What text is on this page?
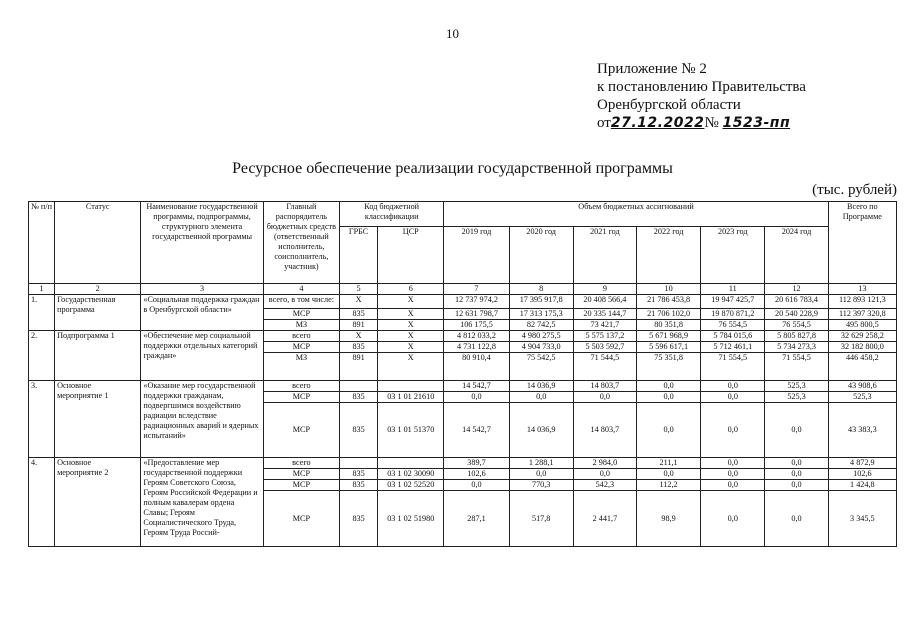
10
Приложение № 2
к постановлению Правительства
Оренбургской области
от27.12.2022№ 1523-пп
Ресурсное обеспечение реализации государственной программы
(тыс. рублей)
№ п/п	Статус	Наименование государственной программы, подпрограммы, структурного элемента государственной программы	Главный распорядитель бюджетных средств (ответственный исполнитель, соисполнитель, участник)	Код бюджетной классификации		Объем бюджетных ассигнований						Всего по Программе
				ГРБС	ЦСР	2019 год	2020 год	2021 год	2022 год	2023 год	2024 год	
1	2	3	4	5	6	7	8	9	10	11	12	13
1.	Государственная программа	«Социальная поддержка граждан в Оренбургской области»	всего, в том числе:	Х	Х	12 737 974,2	17 395 917,8	20 408 566,4	21 786 453,8	19 947 425,7	20 616 783,4	112 893 121,3
			МСР	835	Х	12 631 798,7	17 313 175,3	20 335 144,7	21 706 102,0	19 870 871,2	20 540 228,9	112 397 320,8
			МЗ	891	Х	106 175,5	82 742,5	73 421,7	80 351,8	76 554,5	76 554,5	495 800,5
2.	Подпрограмма 1	«Обеспечение мер социальной поддержки отдельных категорий граждан»	всего	Х	Х	4 812 033,2	4 980 275,5	5 575 137,2	5 671 968,9	5 784 015,6	5 805 827,8	32 629 258,2
			МСР	835	Х	4 731 122,8	4 904 733,0	5 503 592,7	5 596 617,1	5 712 461,1	5 734 273,3	32 182 800,0
			МЗ	891	Х	80 910,4	75 542,5	71 544,5	75 351,8	71 554,5	71 554,5	446 458,2
3.	Основное мероприятие 1	«Оказание мер государственной поддержки гражданам, подвергшимся воздействию радиации вследствие радиационных аварий и ядерных испытаний»	всего			14 542,7	14 036,9	14 803,7	0,0	0,0	525,3	43 908,6
			МСР	835	03 1 01 21610	0,0	0,0	0,0	0,0	0,0	525,3	525,3
			МСР	835	03 1 01 51370	14 542,7	14 036,9	14 803,7	0,0	0,0	0,0	43 383,3
4.	Основное мероприятие 2	«Предоставление мер государственной поддержки Героям Советского Союза, Героям Российской Федерации и полным кавалерам ордена Славы; Героям Социалистического Труда, Героям Труда Россий-	всего			389,7	1 288,1	2 984,0	211,1	0,0	0,0	4 872,9
			МСР	835	03 1 02 30090	102,6	0,0	0,0	0,0	0,0	0,0	102,6
			МСР	835	03 1 02 52520	0,0	770,3	542,3	112,2	0,0	0,0	1 424,8
			МСР	835	03 1 02 51980	287,1	517,8	2 441,7	98,9	0,0	0,0	3 345,5
